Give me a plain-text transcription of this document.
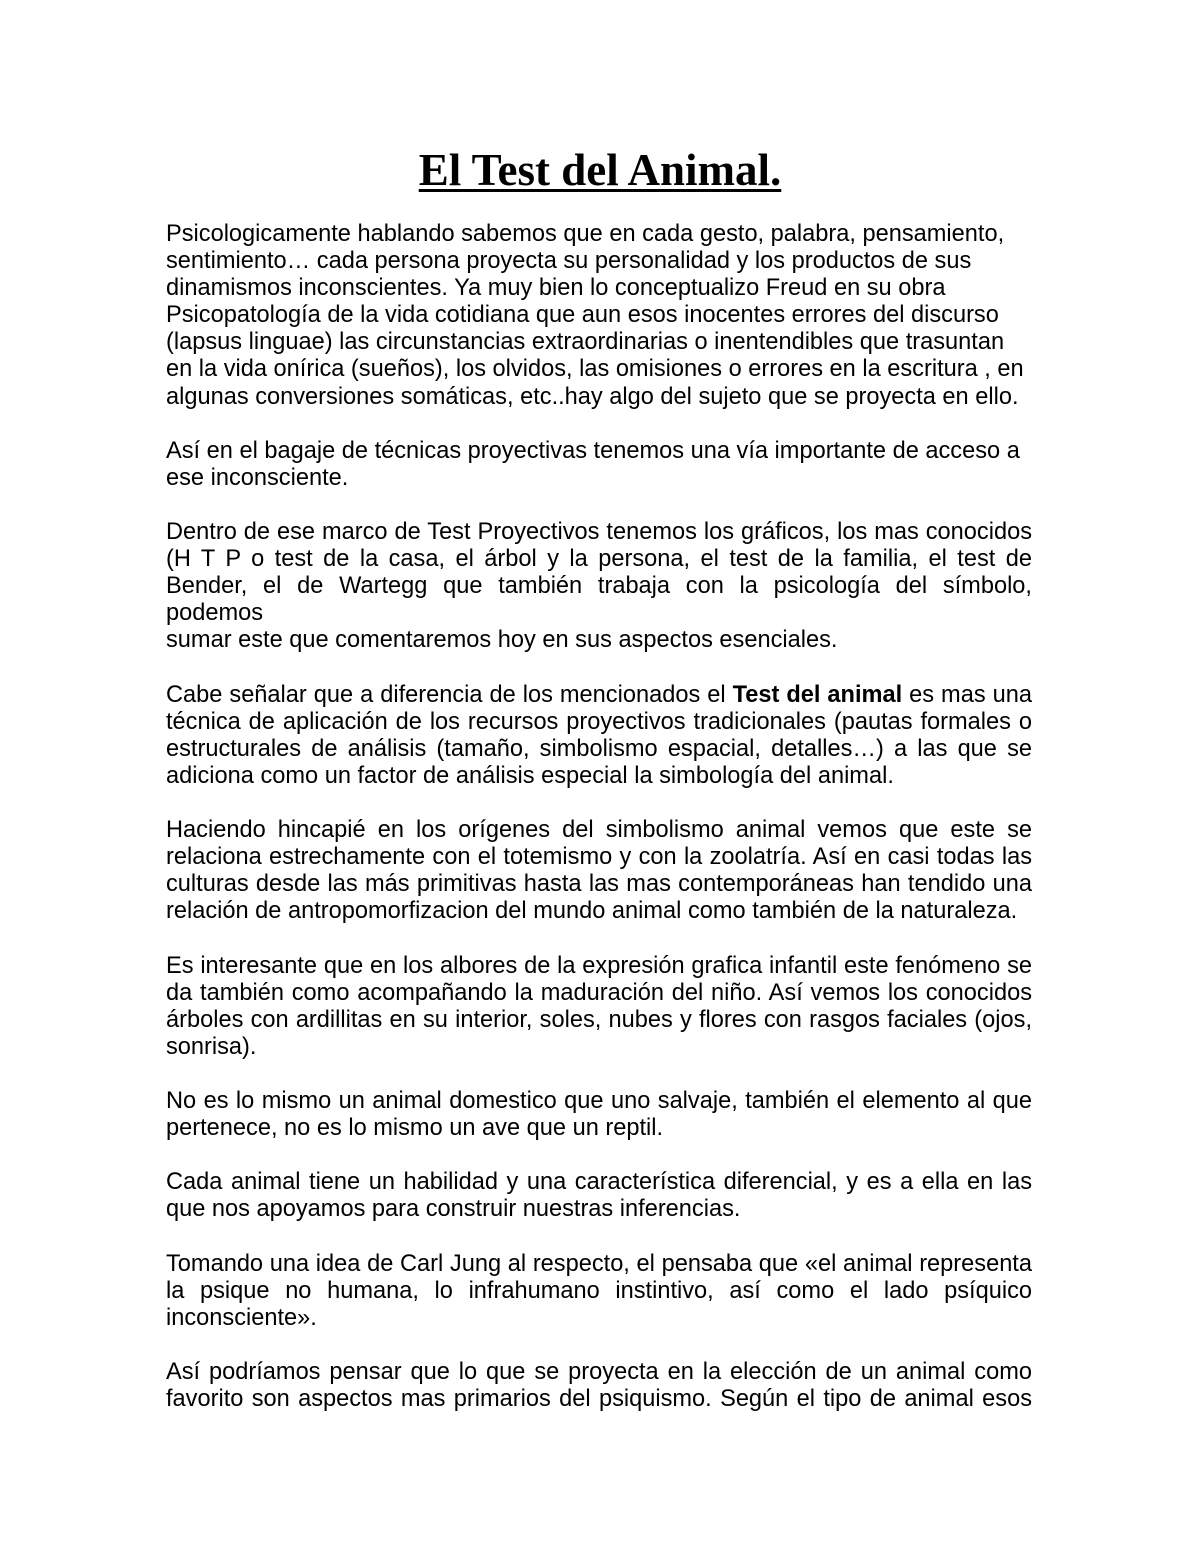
El Test del Animal.
Psicologicamente hablando sabemos que en cada gesto, palabra, pensamiento,
sentimiento… cada persona proyecta su personalidad y los productos de sus
dinamismos inconscientes. Ya muy bien lo conceptualizo Freud en su obra
Psicopatología de la vida cotidiana que aun esos inocentes errores del discurso
(lapsus linguae) las circunstancias extraordinarias o inentendibles que trasuntan
en la vida onírica (sueños), los olvidos, las omisiones o errores en la escritura , en
algunas conversiones somáticas, etc..hay algo del sujeto que se proyecta en ello.
Así en el bagaje de técnicas proyectivas tenemos una vía importante de acceso a
ese inconsciente.
Dentro de ese marco de Test Proyectivos tenemos los gráficos, los mas conocidos
(H T P o test de la casa, el árbol y la persona, el test de la familia, el test de
Bender, el de Wartegg que también trabaja con la psicología del símbolo, podemos
sumar este que comentaremos hoy en sus aspectos esenciales.
Cabe señalar que a diferencia de los mencionados el Test del animal es mas una
técnica de aplicación de los recursos proyectivos tradicionales (pautas formales o
estructurales de análisis (tamaño, simbolismo espacial, detalles…) a las que se
adiciona como un factor de análisis especial la simbología del animal.
Haciendo hincapié en los orígenes del simbolismo animal vemos que este se
relaciona estrechamente con el totemismo y con la zoolatría. Así en casi todas las
culturas desde las más primitivas hasta las mas contemporáneas han tendido una
relación de antropomorfizacion del mundo animal como también de la naturaleza.
Es interesante que en los albores de la expresión grafica infantil este fenómeno se
da también como acompañando la maduración del niño. Así vemos los conocidos
árboles con ardillitas en su interior, soles, nubes y flores con rasgos faciales (ojos,
sonrisa).
No es lo mismo un animal domestico que uno salvaje, también el elemento al que
pertenece, no es lo mismo un ave que un reptil.
Cada animal tiene un habilidad y una característica diferencial, y es a ella en las
que nos apoyamos para construir nuestras inferencias.
Tomando una idea de Carl Jung al respecto, el pensaba que «el animal representa
la psique no humana, lo infrahumano instintivo, así como el lado psíquico
inconsciente».
Así podríamos pensar que lo que se proyecta en la elección de un animal como
favorito son aspectos mas primarios del psiquismo. Según el tipo de animal esos
